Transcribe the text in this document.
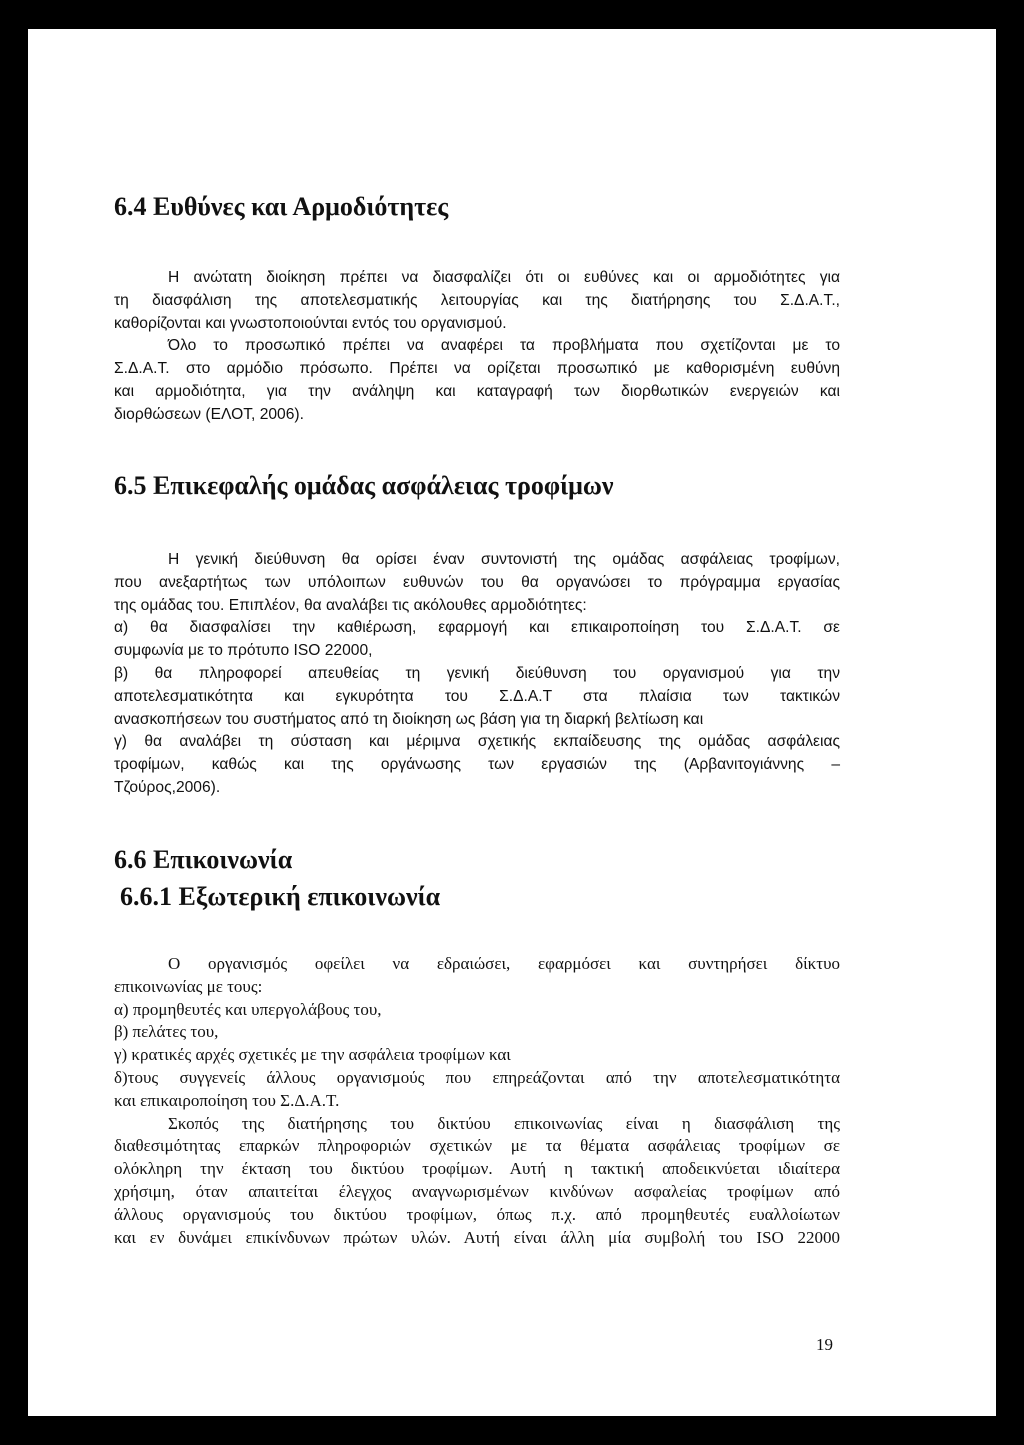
6.4 Ευθύνες και Αρμοδιότητες
Η ανώτατη διοίκηση πρέπει να διασφαλίζει ότι οι ευθύνες και οι αρμοδιότητες για
τη διασφάλιση της αποτελεσματικής λειτουργίας και της διατήρησης του Σ.Δ.Α.Τ.,
καθορίζονται και γνωστοποιούνται εντός του οργανισμού.
Όλο το προσωπικό πρέπει να αναφέρει τα προβλήματα που σχετίζονται με το
Σ.Δ.Α.Τ. στο αρμόδιο πρόσωπο. Πρέπει να ορίζεται προσωπικό με καθορισμένη ευθύνη
και αρμοδιότητα, για την ανάληψη και καταγραφή των διορθωτικών ενεργειών και
διορθώσεων (ΕΛΟΤ, 2006).
6.5 Επικεφαλής ομάδας ασφάλειας τροφίμων
Η γενική διεύθυνση θα ορίσει έναν συντονιστή της ομάδας ασφάλειας τροφίμων,
που ανεξαρτήτως των υπόλοιπων ευθυνών του θα οργανώσει το πρόγραμμα εργασίας
της ομάδας του. Επιπλέον, θα αναλάβει τις ακόλουθες αρμοδιότητες:
α) θα διασφαλίσει την καθιέρωση, εφαρμογή και επικαιροποίηση του Σ.Δ.Α.Τ. σε
συμφωνία με το πρότυπο ISO 22000,
β) θα πληροφορεί απευθείας τη γενική διεύθυνση του οργανισμού για την
αποτελεσματικότητα και εγκυρότητα του Σ.Δ.Α.Τ στα πλαίσια των τακτικών
ανασκοπήσεων του συστήματος από τη διοίκηση ως βάση για τη διαρκή βελτίωση και
γ) θα αναλάβει τη σύσταση και μέριμνα σχετικής εκπαίδευσης της ομάδας ασφάλειας
τροφίμων, καθώς και της οργάνωσης των εργασιών της (Αρβανιτογιάννης –
Τζούρος,2006).
6.6 Επικοινωνία
6.6.1 Εξωτερική επικοινωνία
Ο οργανισμός οφείλει να εδραιώσει, εφαρμόσει και συντηρήσει δίκτυο
επικοινωνίας με τους:
α) προμηθευτές και υπεργολάβους του,
β) πελάτες του,
γ) κρατικές αρχές σχετικές με την ασφάλεια τροφίμων και
δ)τους συγγενείς άλλους οργανισμούς που επηρεάζονται από την αποτελεσματικότητα
και επικαιροποίηση του Σ.Δ.Α.Τ.
Σκοπός της διατήρησης του δικτύου επικοινωνίας είναι η διασφάλιση της
διαθεσιμότητας επαρκών πληροφοριών σχετικών με τα θέματα ασφάλειας τροφίμων σε
ολόκληρη την έκταση του δικτύου τροφίμων. Αυτή η τακτική αποδεικνύεται ιδιαίτερα
χρήσιμη, όταν απαιτείται έλεγχος αναγνωρισμένων κινδύνων ασφαλείας τροφίμων από
άλλους οργανισμούς του δικτύου τροφίμων, όπως π.χ. από προμηθευτές ευαλλοίωτων
και εν δυνάμει επικίνδυνων πρώτων υλών. Αυτή είναι άλλη μία συμβολή του ISO 22000
19
